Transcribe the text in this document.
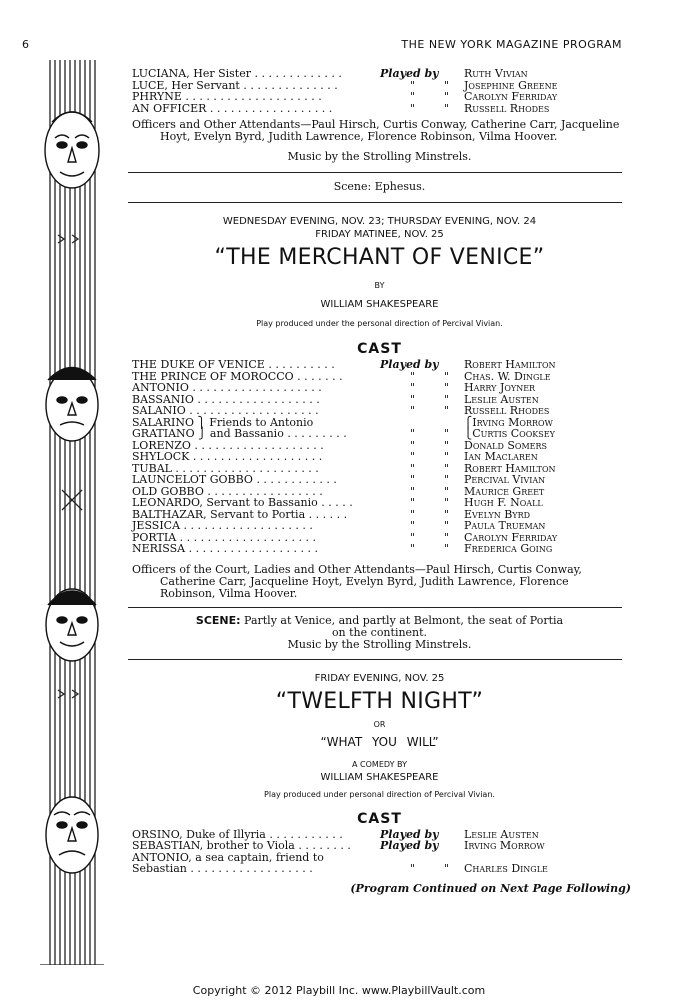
6	THE NEW YORK MAGAZINE PROGRAM
LUCIANA, Her Sister . . . . . . . . . . . . .	Played by Ruth Vivian
LUCE, Her Servant . . . . . . . . . . . . . .	"	" Josephine Greene
PHRYNE . . . . . . . . . . . . . . . . . . . .	"	" Carolyn Ferriday
AN OFFICER . . . . . . . . . . . . . . . . . .	"	" Russell Rhodes

Officers and Other Attendants—Paul Hirsch, Curtis Conway, Catherine Carr, Jacqueline Hoyt, Evelyn Byrd, Judith Lawrence, Florence Robinson, Vilma Hoover.

Music by the Strolling Minstrels.
Scene: Ephesus.
WEDNESDAY EVENING, NOV. 23; THURSDAY EVENING, NOV. 24
FRIDAY MATINEE, NOV. 25
“THE MERCHANT OF VENICE”
BY
WILLIAM SHAKESPEARE
Play produced under the personal direction of Percival Vivian.
CAST
THE DUKE OF VENICE . . . . . . . . . .	Played by Robert Hamilton
THE PRINCE OF MOROCCO . . . . . . .	"	" Chas. W. Dingle
ANTONIO . . . . . . . . . . . . . . . . . . .	"	" Harry Joyner
BASSANIO . . . . . . . . . . . . . . . . . .	"	" Leslie Austen
SALANIO . . . . . . . . . . . . . . . . . . .	"	" Russell Rhodes
SALARINO ⎫ Friends to Antonio	⎧Irving Morrow
GRATIANO ⎭ and Bassanio . . . . . . . . .	"	" ⎩Curtis Cooksey
LORENZO . . . . . . . . . . . . . . . . . . .	"	" Donald Somers
SHYLOCK . . . . . . . . . . . . . . . . . . .	"	" Ian Maclaren
TUBAL . . . . . . . . . . . . . . . . . . . . .	"	" Robert Hamilton
LAUNCELOT GOBBO . . . . . . . . . . . .	"	" Percival Vivian
OLD GOBBO . . . . . . . . . . . . . . . . .	"	" Maurice Greet
LEONARDO, Servant to Bassanio . . . . .	"	" Hugh F. Noall
BALTHAZAR, Servant to Portia . . . . . .	"	" Evelyn Byrd
JESSICA . . . . . . . . . . . . . . . . . . .	"	" Paula Trueman
PORTIA . . . . . . . . . . . . . . . . . . . .	"	" Carolyn Ferriday
NERISSA . . . . . . . . . . . . . . . . . . .	"	" Frederica Going

Officers of the Court, Ladies and Other Attendants—Paul Hirsch, Curtis Conway, Catherine Carr, Jacqueline Hoyt, Evelyn Byrd, Judith Lawrence, Florence Robinson, Vilma Hoover.

SCENE: Partly at Venice, and partly at Belmont, the seat of Portia
on the continent.
Music by the Strolling Minstrels.
FRIDAY EVENING, NOV. 25
“TWELFTH NIGHT”
OR
“WHAT YOU WILL”
A COMEDY BY
WILLIAM SHAKESPEARE
Play produced under personal direction of Percival Vivian.
CAST
ORSINO, Duke of Illyria . . . . . . . . . . .	Played by Leslie Austen
SEBASTIAN, brother to Viola . . . . . . . .	Played by Irving Morrow
ANTONIO, a sea captain, friend to
Sebastian . . . . . . . . . . . . . . . . . .	"	" Charles Dingle
(Program Continued on Next Page Following)
Copyright © 2012 Playbill Inc. www.PlaybillVault.com
